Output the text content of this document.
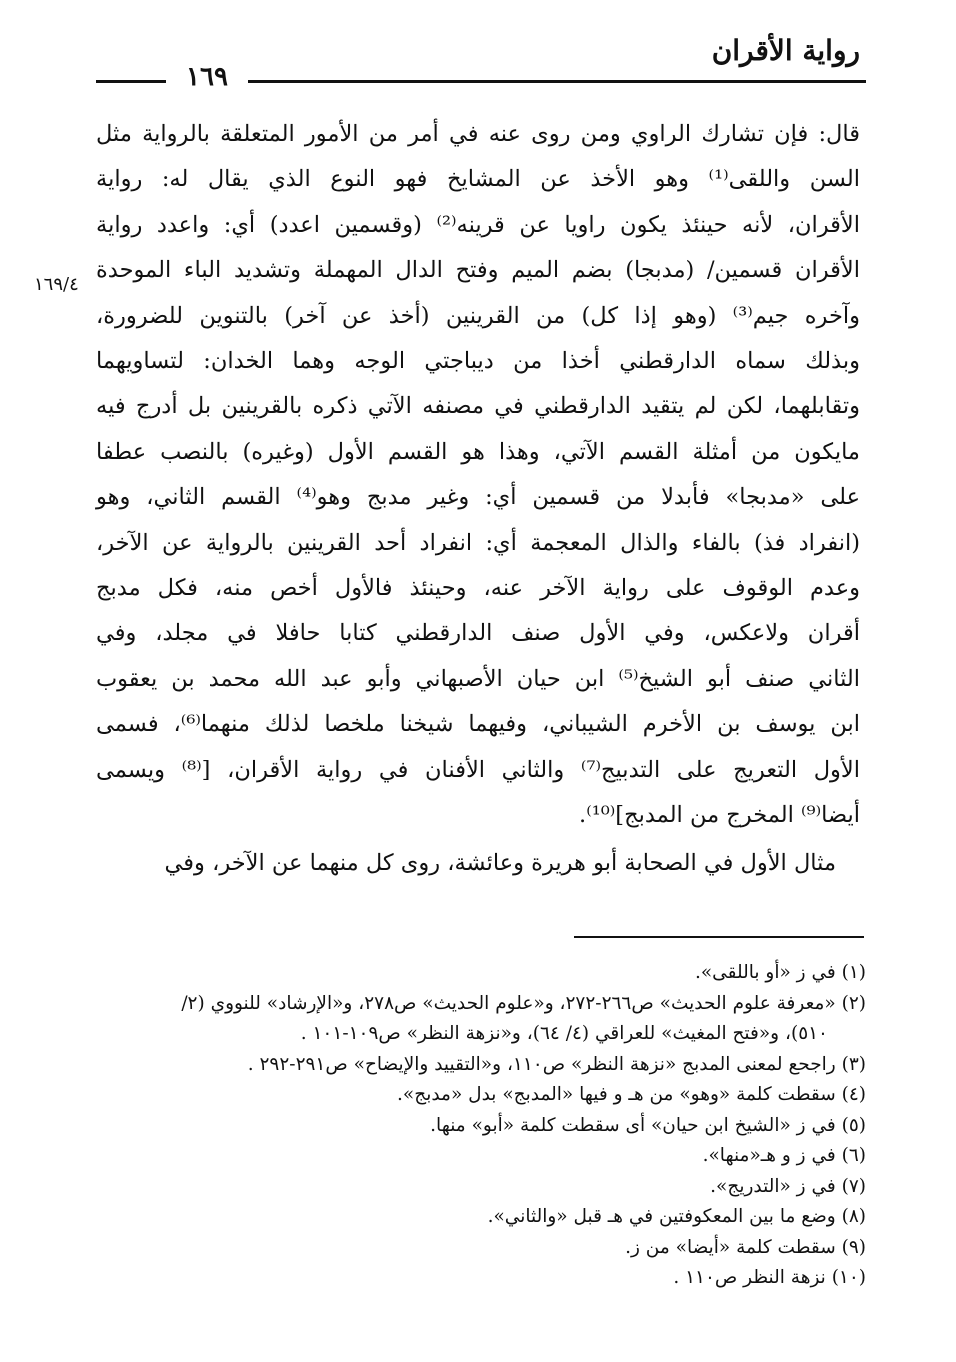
رواية الأقران
١٦٩
١٦٩/٤

قال: فإن تشارك الراوي ومن روى عنه في أمر من الأمور المتعلقة بالرواية مثل
السن واللقى⁽¹⁾ وهو الأخذ عن المشايخ فهو النوع الذي يقال له: رواية
الأقران، لأنه حينئذ يكون راويا عن قرينه⁽²⁾ (وقسمين اعدد) أي: واعدد رواية
الأقران قسمين/ (مدبجا) بضم الميم وفتح الدال المهملة وتشديد الباء الموحدة
وآخره جيم⁽³⁾ (وهو إذا كل) من القرينين (أخذ عن آخر) بالتنوين للضرورة،
وبذلك سماه الدارقطني أخذا من ديباجتي الوجه وهما الخدان: لتساويهما
وتقابلهما، لكن لم يتقيد الدارقطني في مصنفه الآتي ذكره بالقرينين بل أدرج فيه
مايكون من أمثلة القسم الآتي، وهذا هو القسم الأول (وغيره) بالنصب عطفا
على «مدبجا» فأبدلا من قسمين أي: وغير مدبج وهو⁽⁴⁾ القسم الثاني، وهو
(انفراد فذ) بالفاء والذال المعجمة أي: انفراد أحد القرينين بالرواية عن الآخر،
وعدم الوقوف على رواية الآخر عنه، وحينئذ فالأول أخص منه، فكل مدبج
أقران ولاعكس، وفي الأول صنف الدارقطني كتابا حافلا في مجلد، وفي
الثاني صنف أبو الشيخ⁽⁵⁾ ابن حيان الأصبهاني وأبو عبد الله محمد بن يعقوب
ابن يوسف بن الأخرم الشيباني، وفيهما شيخنا ملخصا لذلك منهما⁽⁶⁾، فسمى
الأول التعريج على التدبيج⁽⁷⁾ والثاني الأفنان في رواية الأقران، [⁽⁸⁾ ويسمى
أيضا⁽⁹⁾ المخرج من المدبج]⁽¹⁰⁾.

مثال الأول في الصحابة أبو هريرة وعائشة، روى كل منهما عن الآخر، وفي

(١) في ز «أو باللقى».
(٢) «معرفة علوم الحديث» ص٢٦٦-٢٧٢، و«علوم الحديث» ص٢٧٨، و«الإرشاد» للنووي (٢/
٥١٠)، و«فتح المغيث» للعراقي (٤/ ٦٤)، و«نزهة النظر» ص١٠٩-١٠١ .
(٣) راجحع لمعنى المدبج «نزهة النظر» ص١١٠، و«التقييد والإيضاح» ص٢٩١-٢٩٢ .
(٤) سقطت كلمة «وهو» من هـ و فيها «المدبج» بدل «مدبج».
(٥) في ز «الشيخ ابن حيان» أى سقطت كلمة «أبو» منها.
(٦) في ز و هـ«منها».
(٧) في ز «التدريج».
(٨) وضع ما بين المعكوفتين في هـ قبل «والثاني».
(٩) سقطت كلمة «أيضا» من ز.
(١٠) نزهة النظر ص١١٠ .
